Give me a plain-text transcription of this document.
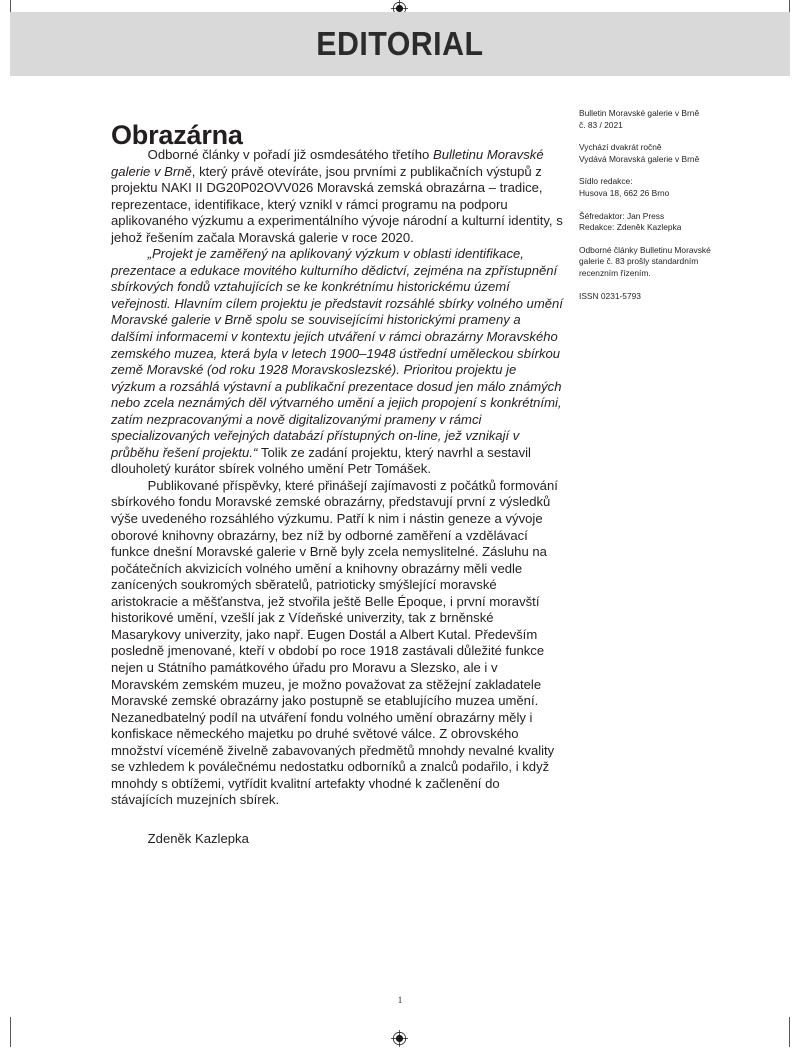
EDITORIAL
Obrazárna

Odborné články v pořadí již osmdesátého třetího Bulletinu Moravské galerie v Brně, který právě otevíráte, jsou prvními z publikačních výstupů z projektu NAKI II DG20P02OVV026 Moravská zemská obrazárna – tradice, reprezentace, identifikace, který vznikl v rámci programu na podporu aplikovaného výzkumu a experimentálního vývoje národní a kulturní identity, s jehož řešením začala Moravská galerie v roce 2020.

„Projekt je zaměřený na aplikovaný výzkum v oblasti identifikace, prezentace a edukace movitého kulturního dědictví, zejména na zpřístupnění sbírkových fondů vztahujících se ke konkrétnímu historickému území veřejnosti. Hlavním cílem projektu je představit rozsáhlé sbírky volného umění Moravské galerie v Brně spolu se souvisejícími historickými prameny a dalšími informacemi v kontextu jejich utváření v rámci obrazárny Moravského zemského muzea, která byla v letech 1900–1948 ústřední uměleckou sbírkou země Moravské (od roku 1928 Moravskoslezské). Prioritou projektu je výzkum a rozsáhlá výstavní a publikační prezentace dosud jen málo známých nebo zcela neznámých děl výtvarného umění a jejich propojení s konkrétními, zatím nezpracovanými a nově digitalizovanými prameny v rámci specializovaných veřejných databází přístupných on-line, jež vznikají v průběhu řešení projektu.“ Tolik ze zadání projektu, který navrhl a sestavil dlouholetý kurátor sbírek volného umění Petr Tomášek.

Publikované příspěvky, které přinášejí zajímavosti z počátků formování sbírkového fondu Moravské zemské obrazárny, představují první z výsledků výše uvedeného rozsáhlého výzkumu. Patří k nim i nástin geneze a vývoje oborové knihovny obrazárny, bez níž by odborné zaměření a vzdělávací funkce dnešní Moravské galerie v Brně byly zcela nemyslitelné. Zásluhu na počátečních akvizicích volného umění a knihovny obrazárny měli vedle zanícených soukromých sběratelů, patrioticky smýšlející moravské aristokracie a měšťanstva, jež stvořila ještě Belle Époque, i první moravští historikové umění, vzešlí jak z Vídeňské univerzity, tak z brněnské Masarykovy univerzity, jako např. Eugen Dostál a Albert Kutal. Především posledně jmenované, kteří v období po roce 1918 zastávali důležité funkce nejen u Státního památkového úřadu pro Moravu a Slezsko, ale i v Moravském zemském muzeu, je možno považovat za stěžejní zakladatele Moravské zemské obrazárny jako postupně se etablujícího muzea umění. Nezanedbatelný podíl na utváření fondu volného umění obrazárny měly i konfiskace německého majetku po druhé světové válce. Z obrovského množství víceméně živelně zabavovaných předmětů mnohdy nevalné kvality se vzhledem k poválečnému nedostatku odborníků a znalců podařilo, i když mnohdy s obtížemi, vytřídit kvalitní artefakty vhodné k začlenění do stávajících muzejních sbírek.

Zdeněk Kazlepka
Bulletin Moravské galerie v Brně
č. 83 / 2021
Vychází dvakrát ročně
Vydává Moravská galerie v Brně
Sídlo redakce:
Husova 18, 662 26 Brno
Šéfredaktor: Jan Press
Redakce: Zdeněk Kazlepka
Odborné články Bulletinu Moravské
galerie č. 83 prošly standardním
recenzním řízením.
ISSN 0231-5793
1
